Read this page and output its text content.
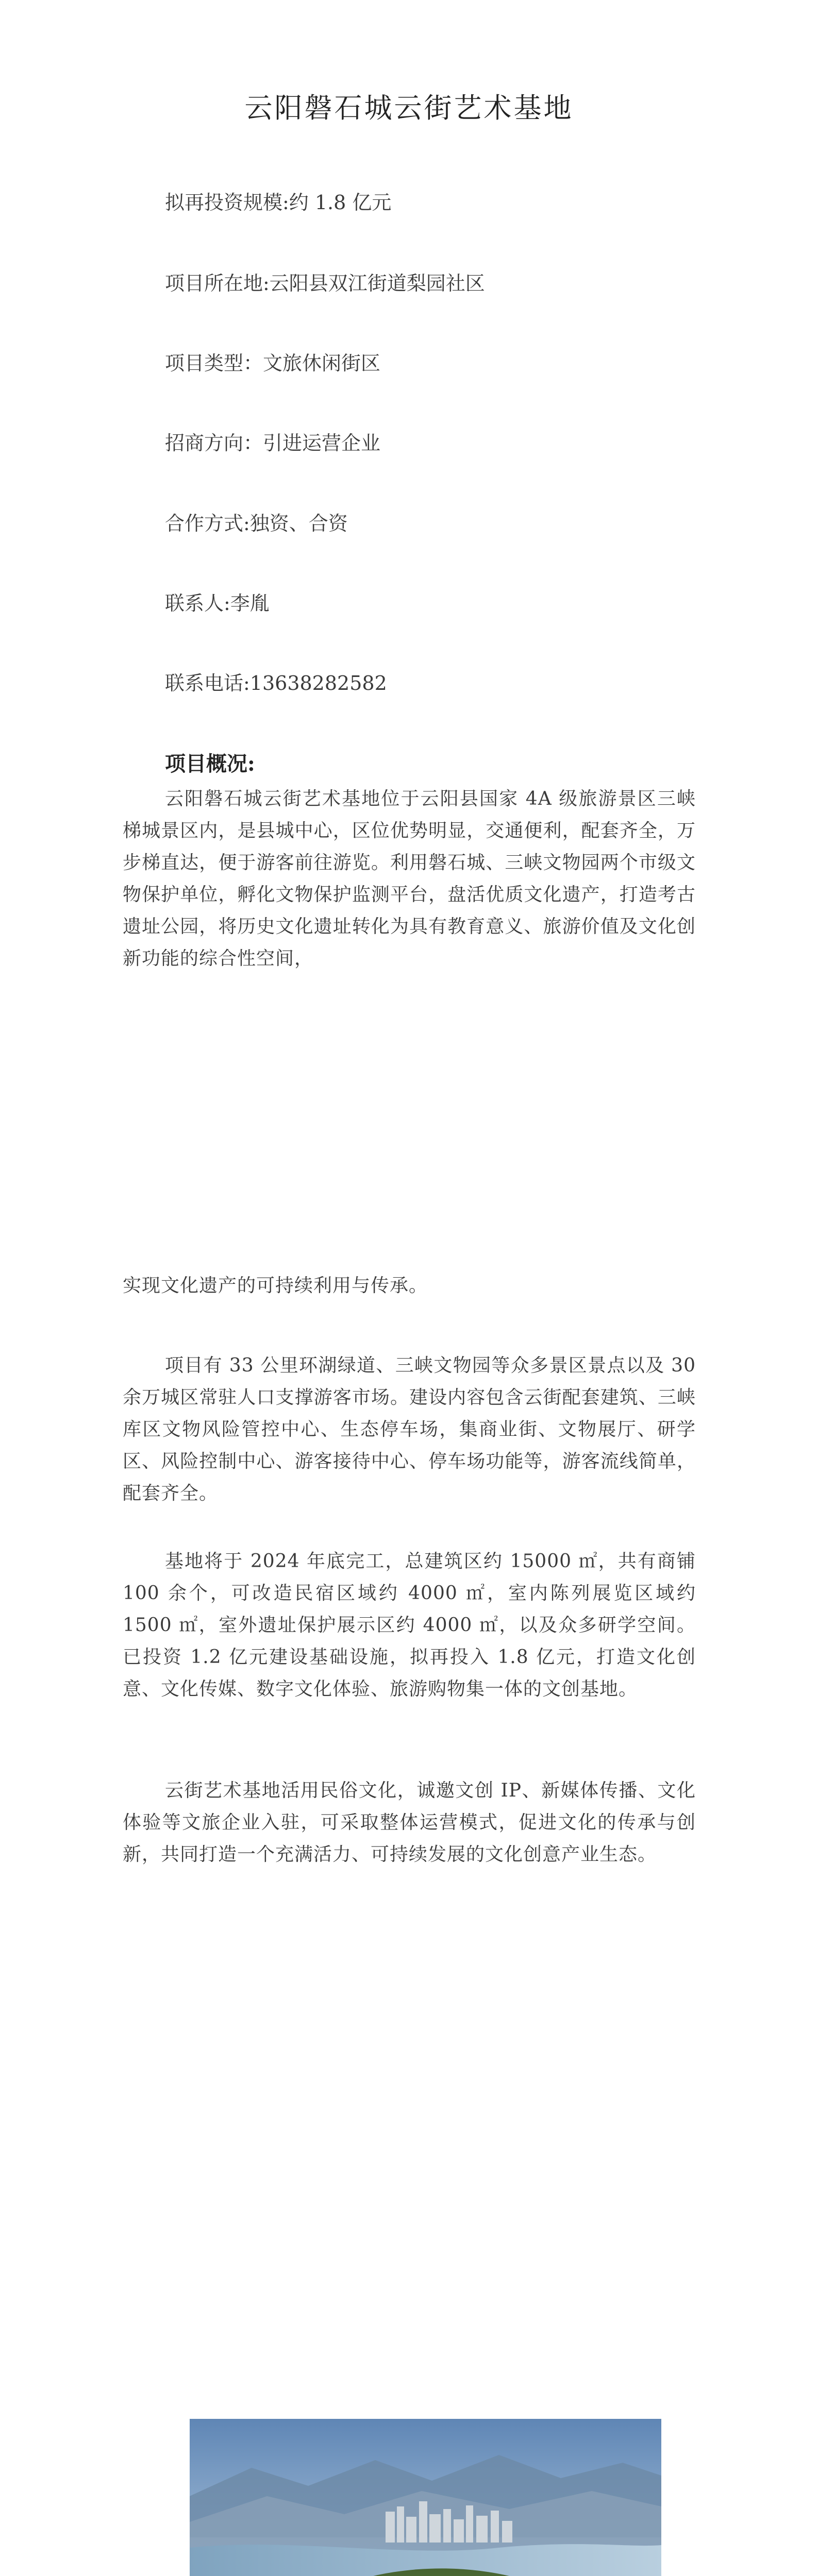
云阳磐石城云街艺术基地
拟再投资规模:约 1.8 亿元
项目所在地:云阳县双江街道梨园社区
项目类型：文旅休闲街区
招商方向：引进运营企业
合作方式:独资、合资
联系人:李胤
联系电话:13638282582
项目概况:
云阳磐石城云街艺术基地位于云阳县国家 4A 级旅游景区三峡梯城景区内，是县城中心，区位优势明显，交通便利，配套齐全，万步梯直达，便于游客前往游览。利用磐石城、三峡文物园两个市级文物保护单位，孵化文物保护监测平台，盘活优质文化遗产，打造考古遗址公园，将历史文化遗址转化为具有教育意义、旅游价值及文化创新功能的综合性空间，
实现文化遗产的可持续利用与传承。
项目有 33 公里环湖绿道、三峡文物园等众多景区景点以及 30 余万城区常驻人口支撑游客市场。建设内容包含云街配套建筑、三峡库区文物风险管控中心、生态停车场，集商业街、文物展厅、研学区、风险控制中心、游客接待中心、停车场功能等，游客流线简单，配套齐全。
基地将于 2024 年底完工，总建筑区约 15000 ㎡，共有商铺 100 余个，可改造民宿区域约 4000 ㎡，室内陈列展览区域约 1500 ㎡，室外遗址保护展示区约 4000 ㎡，以及众多研学空间。已投资 1.2 亿元建设基础设施，拟再投入 1.8 亿元，打造文化创意、文化传媒、数字文化体验、旅游购物集一体的文创基地。
云街艺术基地活用民俗文化，诚邀文创 IP、新媒体传播、文化体验等文旅企业入驻，可采取整体运营模式，促进文化的传承与创新，共同打造一个充满活力、可持续发展的文化创意产业生态。
